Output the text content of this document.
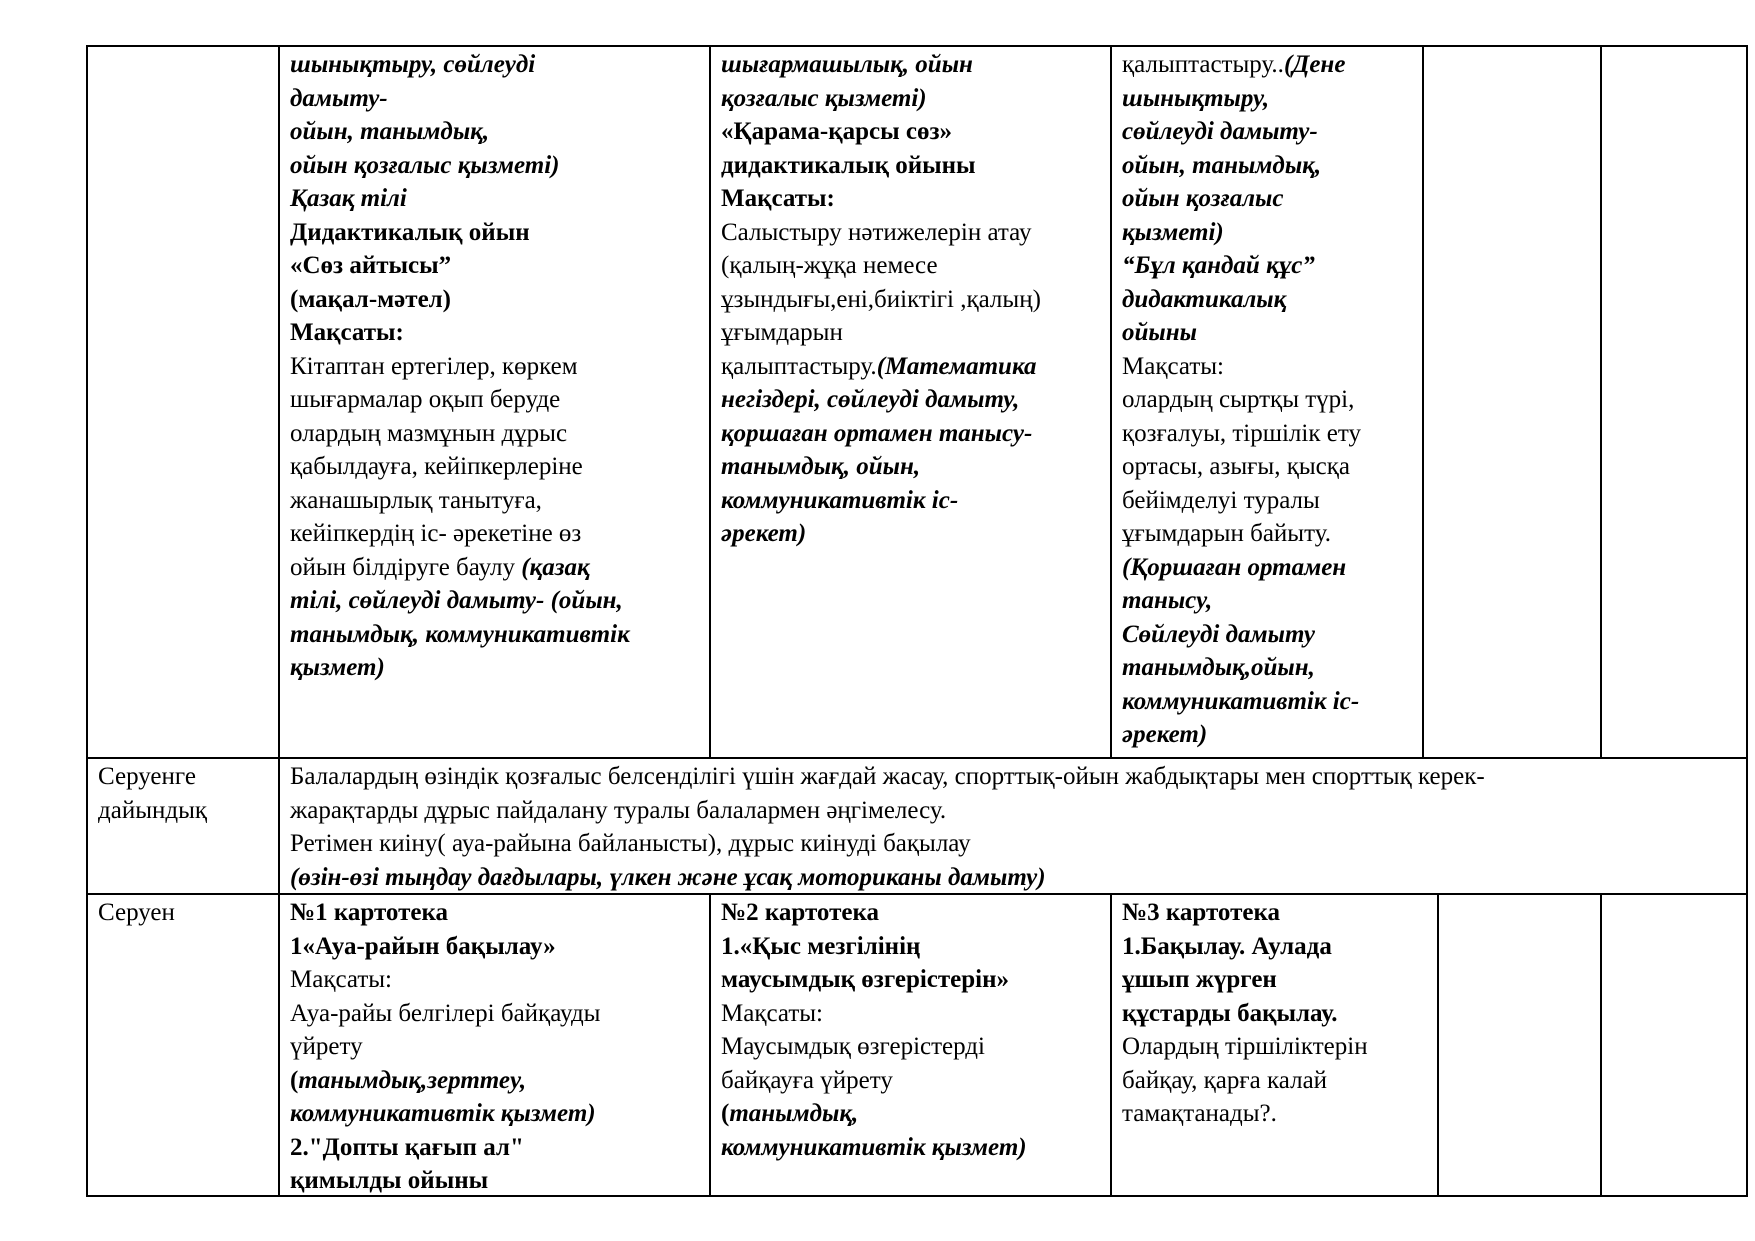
шынықтыру, сөйлеуді
дамыту-
ойын, танымдық,
ойын қозғалыс қызметі)
Қазақ тілі
Дидактикалық ойын
«Сөз айтысы”
(мақал-мәтел)
Мақсаты:
Кітаптан ертегілер, көркем
шығармалар оқып беруде
олардың мазмұнын дұрыс
қабылдауға, кейіпкерлеріне
жанашырлық танытуға,
кейіпкердің іс- әрекетіне өз
ойын білдіруге баулу (қазақ
тілі, сөйлеуді дамыту- (ойын,
танымдық, коммуникативтік
қызмет)
шығармашылық, ойын
қозғалыс қызметі)
«Қарама-қарсы сөз»
дидактикалық ойыны
Мақсаты:
Салыстыру нәтижелерін атау
(қалың-жұқа немесе
ұзындығы,ені,биіктігі ,қалың)
ұғымдарын
қалыптастыру.(Математика
негіздері, сөйлеуді дамыту,
қоршаған ортамен танысу-
танымдық, ойын,
коммуникативтік іс-
әрекет)
қалыптастыру..(Дене
шынықтыру,
сөйлеуді дамыту-
ойын, танымдық,
ойын қозғалыс
қызметі)
“Бұл қандай құс”
дидактикалық
ойыны
Мақсаты:
олардың сыртқы түрі,
қозғалуы, тіршілік ету
ортасы, азығы, қысқа
бейімделуі туралы
ұғымдарын байыту.
(Қоршаған ортамен
танысу,
Сөйлеуді дамыту
танымдық,ойын,
коммуникативтік іс-
әрекет)
Серуенге
дайындық
Балалардың өзіндік қозғалыс белсенділігі үшін жағдай жасау, спорттық-ойын жабдықтары мен спорттық керек-
жарақтарды дұрыс пайдалану туралы балалармен әңгімелесу.
Ретімен киіну( ауа-райына байланысты), дұрыс киінуді бақылау
(өзін-өзі тыңдау дағдылары, үлкен және ұсақ моториканы дамыту)
Серуен	№1 картотека
1«Ауа-райын бақылау»
Мақсаты:
Ауа-райы белгілері байқауды
үйрету
(танымдық,зерттеу,
коммуникативтік қызмет)
2."Допты қағып ал"
қимылды ойыны
№2 картотека
1.«Қыс мезгілінің
маусымдық өзгерістерін»
Мақсаты:
Маусымдық өзгерістерді
байқауға үйрету
(танымдық,
коммуникативтік қызмет)
№3 картотека
1.Бақылау. Аулада
ұшып жүрген
құстарды бақылау.
Олардың тіршіліктерін
байқау, қарға калай
тамақтанады?.
